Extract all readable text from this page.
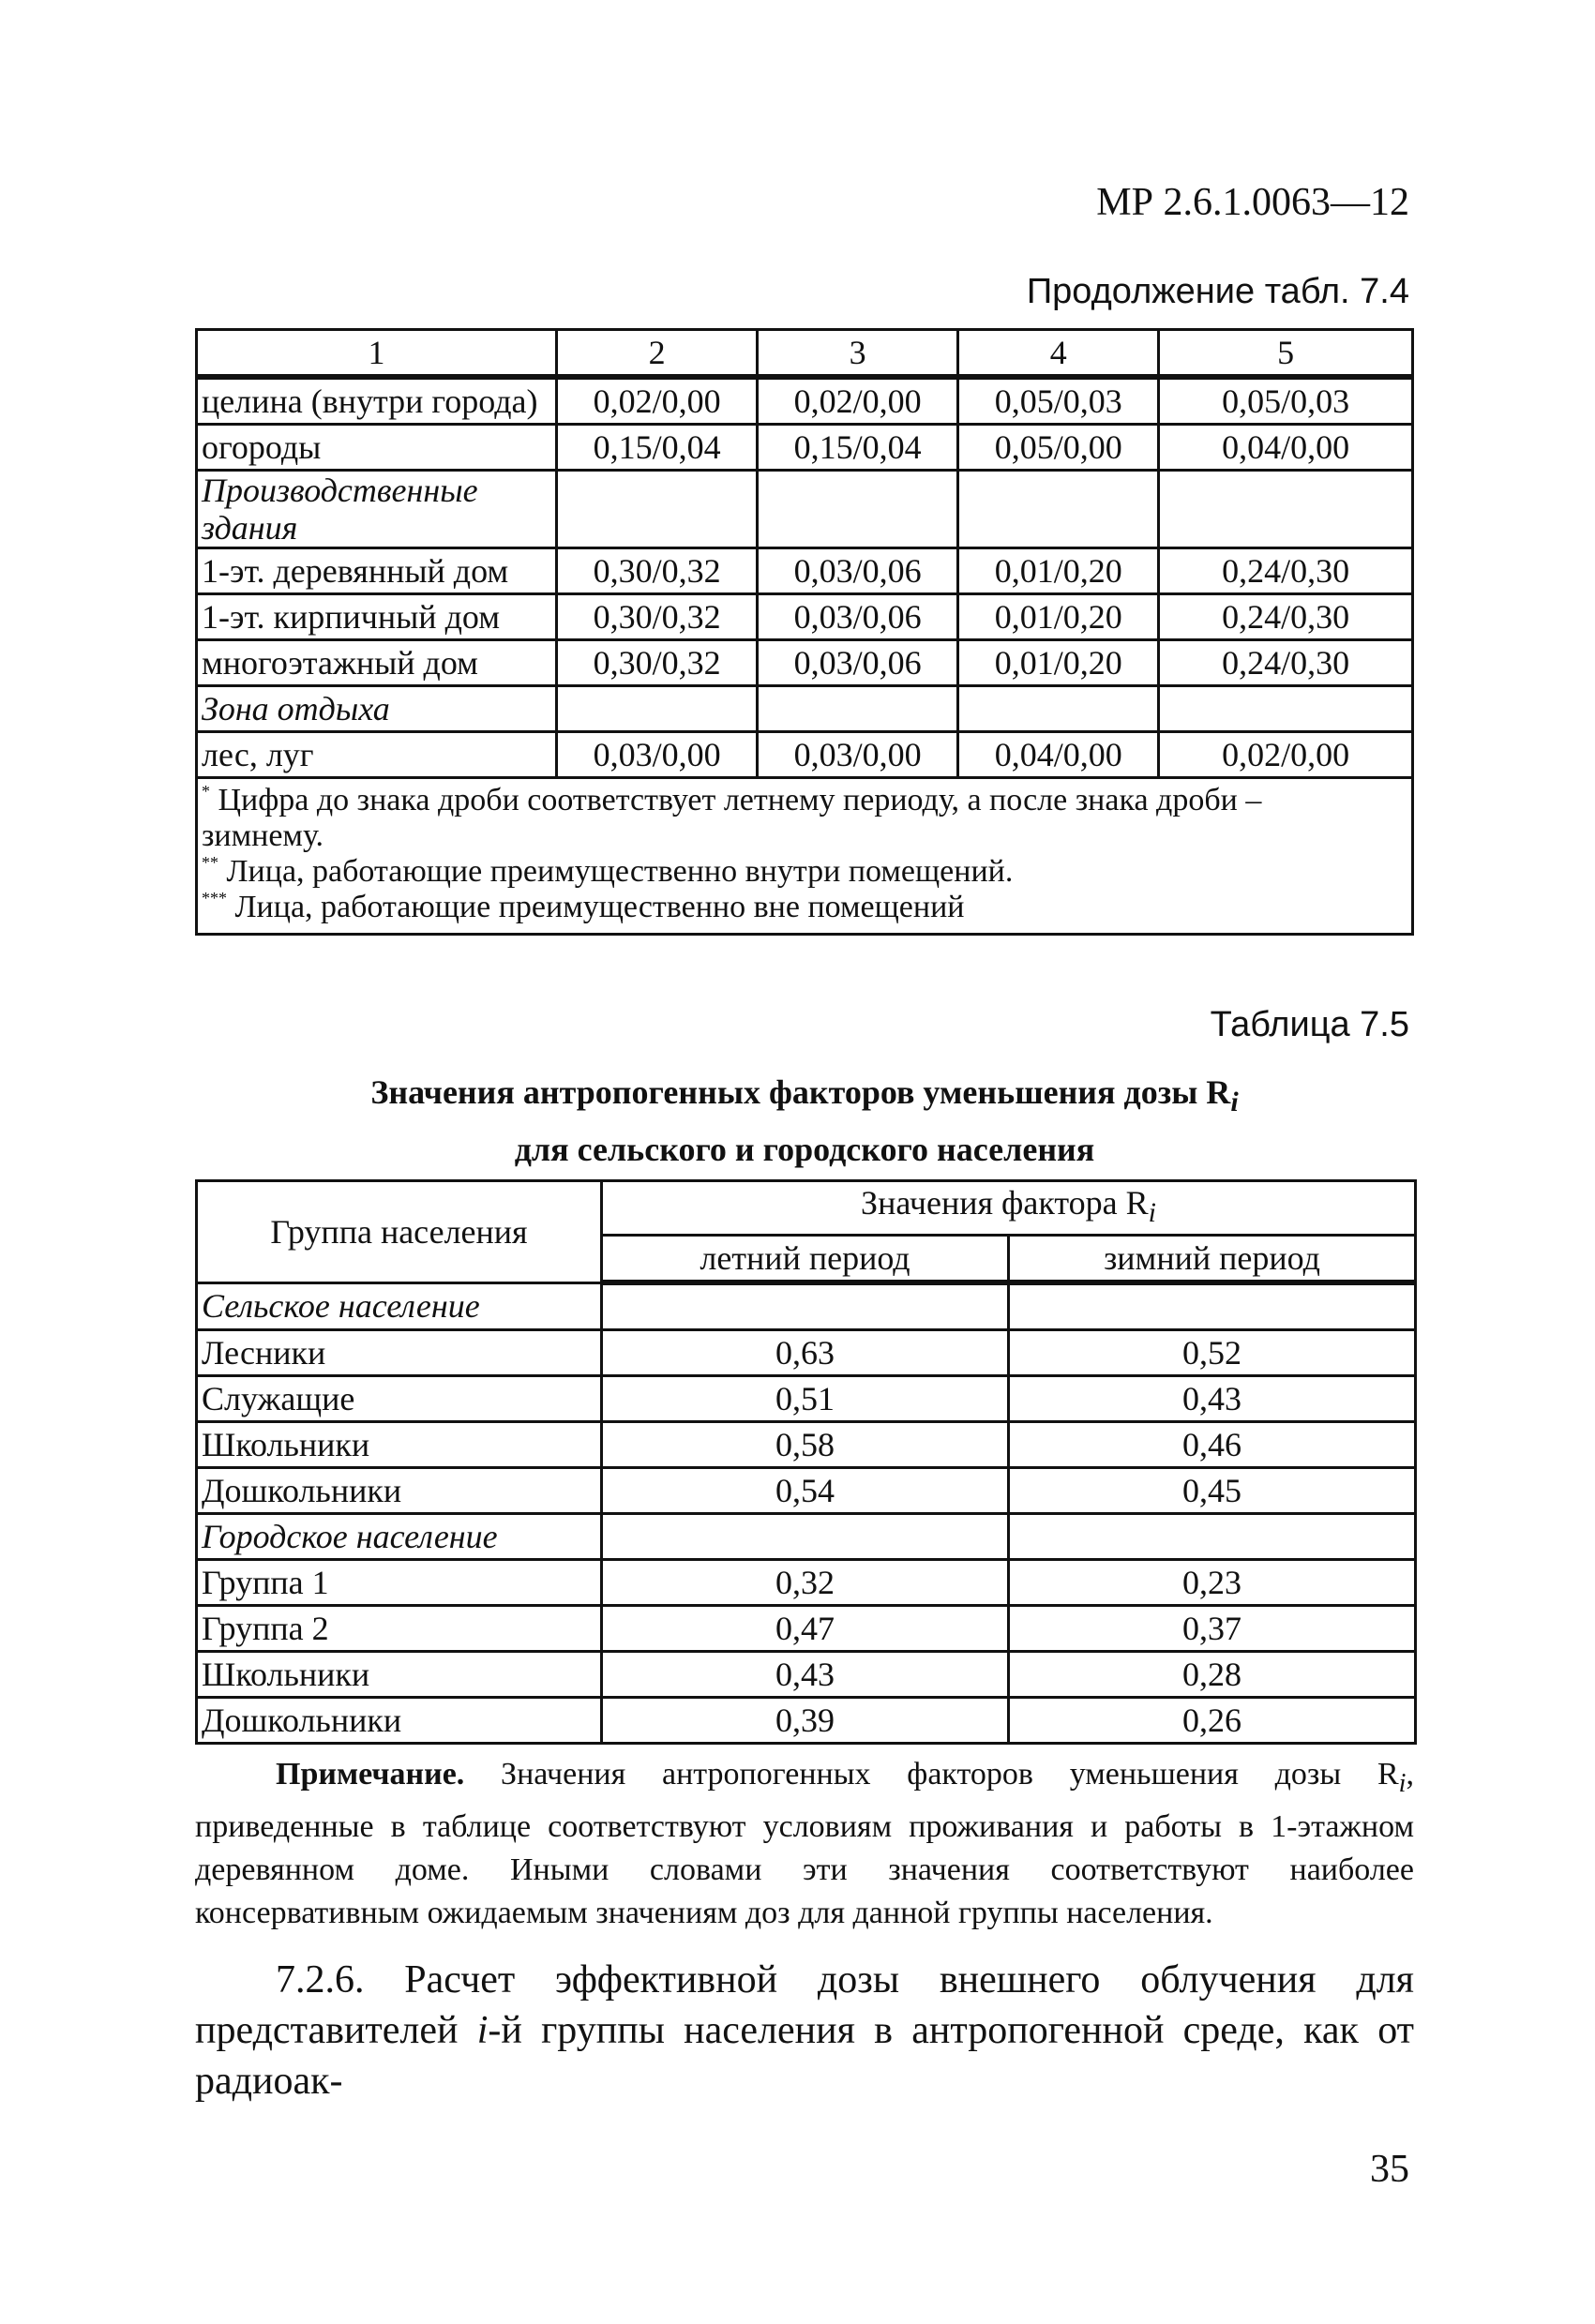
МР 2.6.1.0063—12
Продолжение табл. 7.4
1	2	3	4	5
целина (внутри города)	0,02/0,00	0,02/0,00	0,05/0,03	0,05/0,03
огороды	0,15/0,04	0,15/0,04	0,05/0,00	0,04/0,00
Производственные здания				
1-эт. деревянный дом	0,30/0,32	0,03/0,06	0,01/0,20	0,24/0,30
1-эт. кирпичный дом	0,30/0,32	0,03/0,06	0,01/0,20	0,24/0,30
многоэтажный дом	0,30/0,32	0,03/0,06	0,01/0,20	0,24/0,30
Зона отдыха				
лес, луг	0,03/0,00	0,03/0,00	0,04/0,00	0,02/0,00

* Цифра до знака дроби соответствует летнему периоду, а после знака дроби –
зимнему.
** Лица, работающие преимущественно внутри помещений.
*** Лица, работающие преимущественно вне помещений				
Таблица 7.5
Значения антропогенных факторов уменьшения дозы $R_i$
для сельского и городского населения
Группа населения	Значения фактора $R_i$
	летний период	зимний период
Сельское население		
Лесники	0,63	0,52
Служащие	0,51	0,43
Школьники	0,58	0,46
Дошкольники	0,54	0,45
Городское население		
Группа 1	0,32	0,23
Группа 2	0,47	0,37
Школьники	0,43	0,28
Дошкольники	0,39	0,26
Примечание. Значения антропогенных факторов уменьшения дозы $R_i$, приведенные в таблице соответствуют условиям проживания и работы в 1-этажном деревянном доме. Иными словами эти значения соответствуют наиболее консервативным ожидаемым значениям доз для данной группы населения.
7.2.6. Расчет эффективной дозы внешнего облучения для представителей i-й группы населения в антропогенной среде, как от радиоак-
35
